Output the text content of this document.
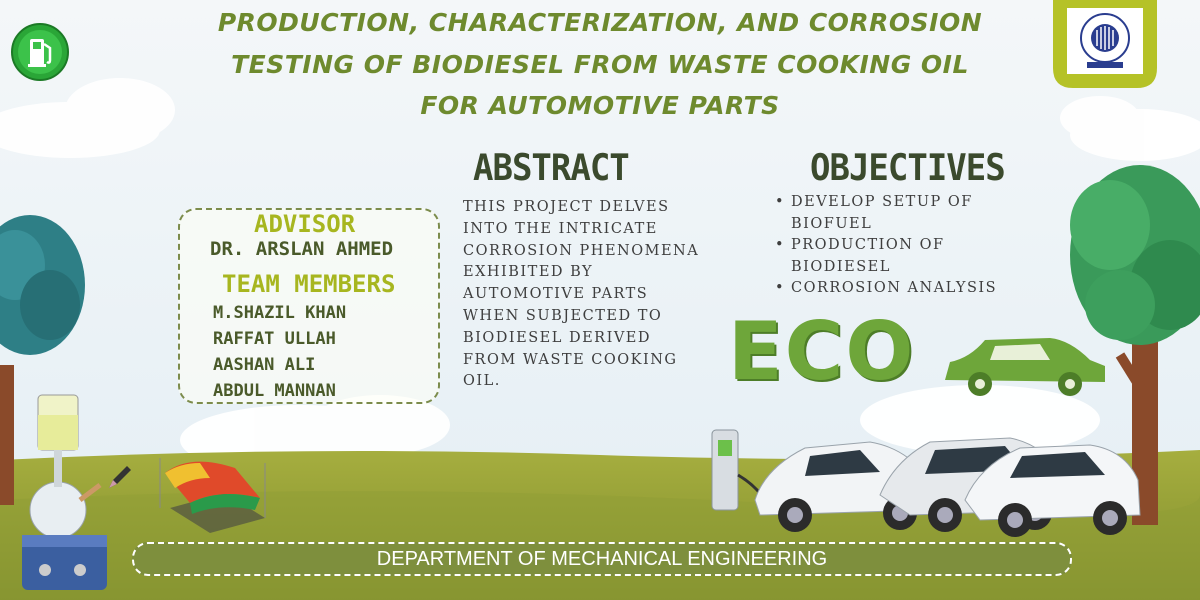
PRODUCTION, CHARACTERIZATION, AND CORROSION
TESTING OF BIODIESEL FROM WASTE COOKING OIL
FOR AUTOMOTIVE PARTS
ADVISOR
DR. ARSLAN AHMED
TEAM MEMBERS
M.SHAZIL KHAN
RAFFAT ULLAH
AASHAN ALI
ABDUL MANNAN
ABSTRACT
THIS PROJECT DELVES
INTO THE INTRICATE
CORROSION PHENOMENA
EXHIBITED BY
AUTOMOTIVE PARTS
WHEN SUBJECTED TO
BIODIESEL DERIVED
FROM WASTE COOKING
OIL.
OBJECTIVES
• DEVELOP SETUP OF
BIOFUEL
• PRODUCTION OF
BIODIESEL
• CORROSION ANALYSIS
ECO
DEPARTMENT OF MECHANICAL ENGINEERING
